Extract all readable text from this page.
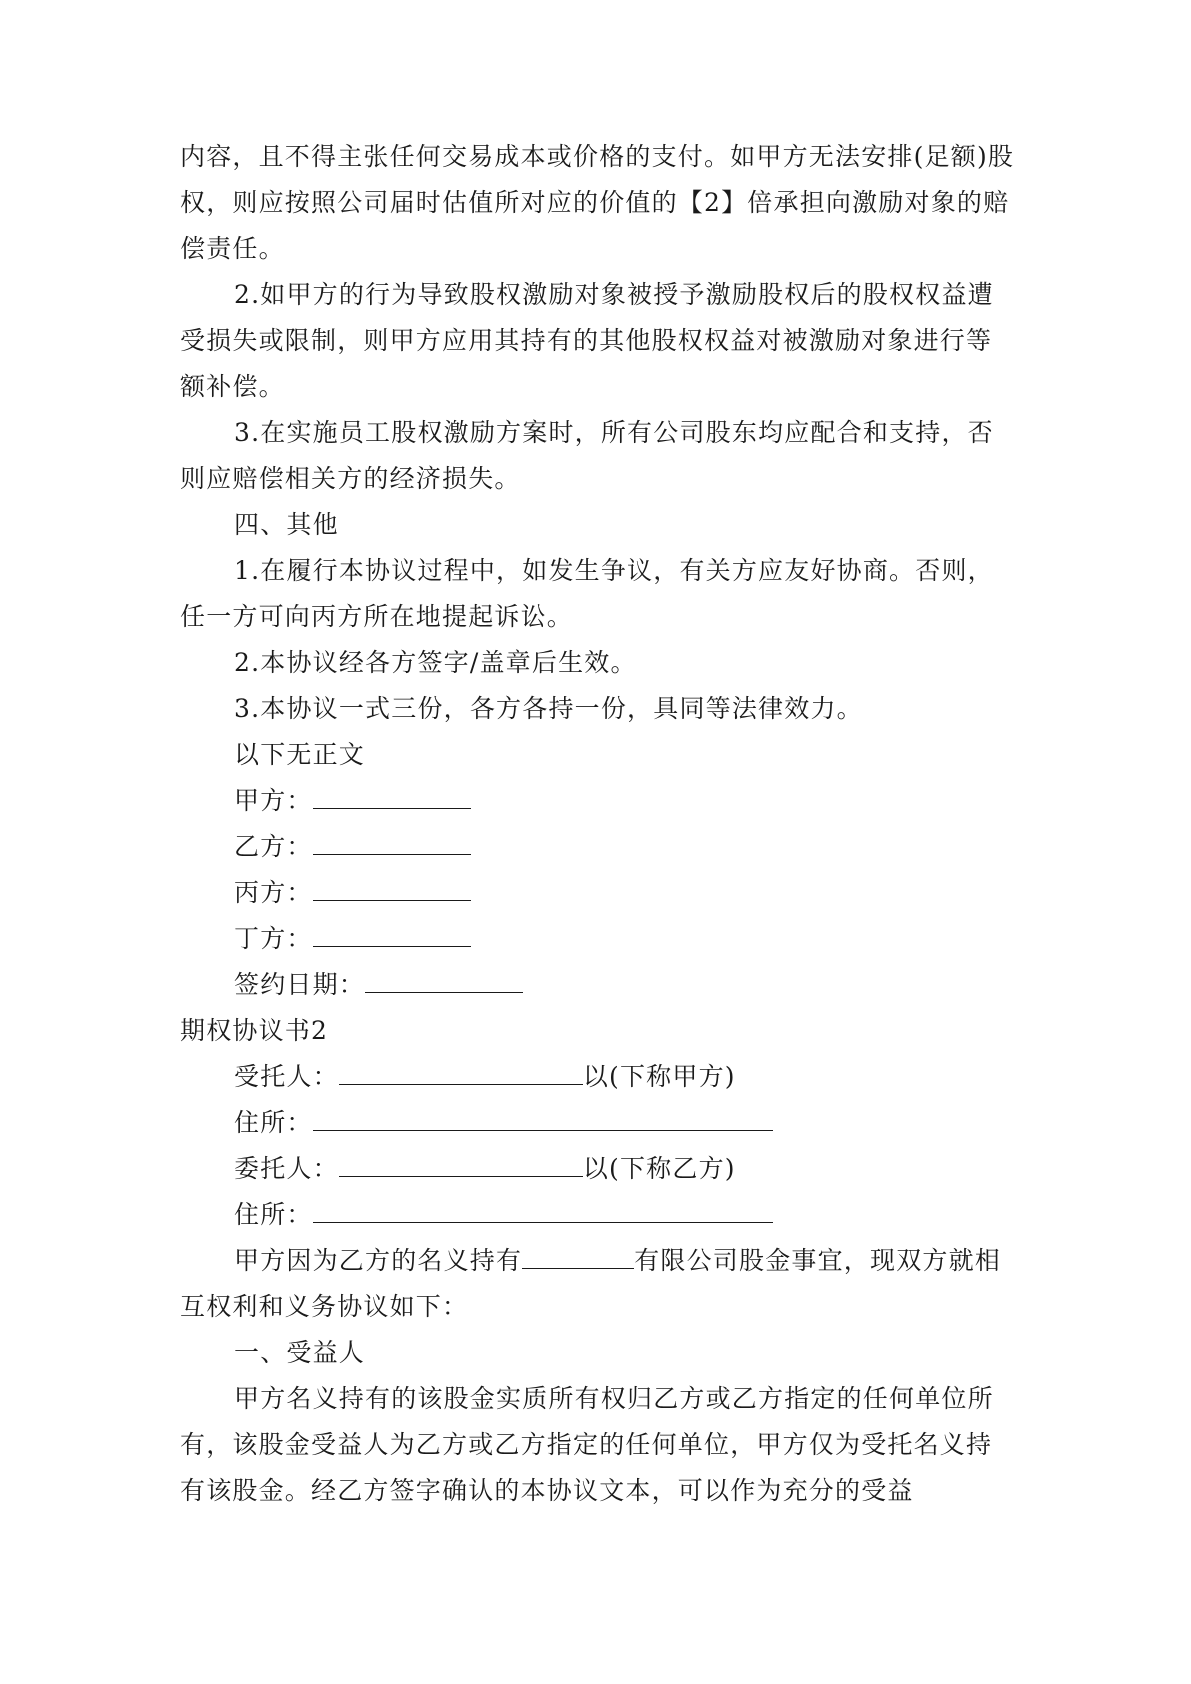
内容，且不得主张任何交易成本或价格的支付。如甲方无法安排(足额)股权，则应按照公司届时估值所对应的价值的【2】倍承担向激励对象的赔偿责任。

2.如甲方的行为导致股权激励对象被授予激励股权后的股权权益遭受损失或限制，则甲方应用其持有的其他股权权益对被激励对象进行等额补偿。

3.在实施员工股权激励方案时，所有公司股东均应配合和支持，否则应赔偿相关方的经济损失。

四、其他

1.在履行本协议过程中，如发生争议，有关方应友好协商。否则，任一方可向丙方所在地提起诉讼。

2.本协议经各方签字/盖章后生效。

3.本协议一式三份，各方各持一份，具同等法律效力。

以下无正文

甲方：
乙方：
丙方：
丁方：
签约日期：

期权协议书2

受托人：	以(下称甲方)
住所：
委托人：	以(下称乙方)
住所：

甲方因为乙方的名义持有	有限公司股金事宜，现双方就相互权利和义务协议如下：

一、受益人

甲方名义持有的该股金实质所有权归乙方或乙方指定的任何单位所有，该股金受益人为乙方或乙方指定的任何单位，甲方仅为受托名义持有该股金。经乙方签字确认的本协议文本，可以作为充分的受益
